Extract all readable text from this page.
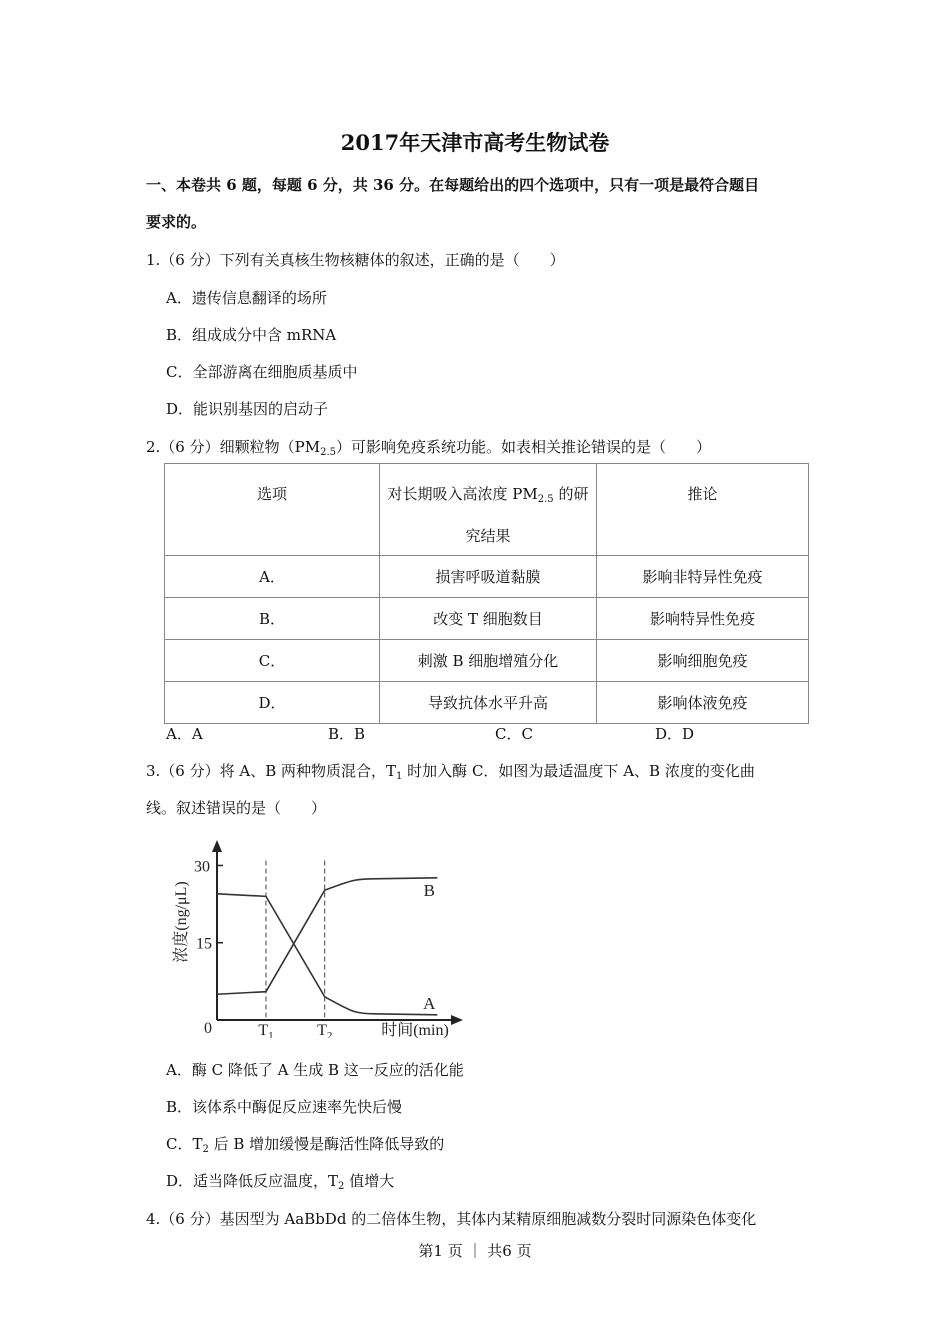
2017年天津市高考生物试卷
一、本卷共 6 题，每题 6 分，共 36 分。在每题给出的四个选项中，只有一项是最符合题目
要求的。
1.（6 分）下列有关真核生物核糖体的叙述，正确的是（　　）
A．遗传信息翻译的场所
B．组成成分中含 mRNA
C．全部游离在细胞质基质中
D．能识别基因的启动子
2.（6 分）细颗粒物$(PM_{2.5})$可影响免疫系统功能。如表相关推论错误的是（　　）
选项	对长期吸入高浓度 $PM_{2.5}$ 的研究结果	推论

A．	损害呼吸道黏膜	影响非特异性免疫
B．	改变 T 细胞数目	影响特异性免疫
C．	刺激 B 细胞增殖分化	影响细胞免疫
D．	导致抗体水平升高	影响体液免疫
A．A	B．B	C．C	D．D
3.（6 分）将 A、B 两种物质混合，$T_1$ 时加入酶 C．如图为最适温度下 A、B 浓度的变化曲
线。叙述错误的是（　　）
30
15
0
浓度(ng/μL)
时间(min)
$T_1$	$T_2$
B
A
A．酶 C 降低了 A 生成 B 这一反应的活化能
B．该体系中酶促反应速率先快后慢
C．$T_2$ 后 B 增加缓慢是酶活性降低导致的
D．适当降低反应温度，$T_2$ 值增大
4.（6 分）基因型为 AaBbDd 的二倍体生物，其体内某精原细胞减数分裂时同源染色体变化
第1 页 ｜ 共6 页
